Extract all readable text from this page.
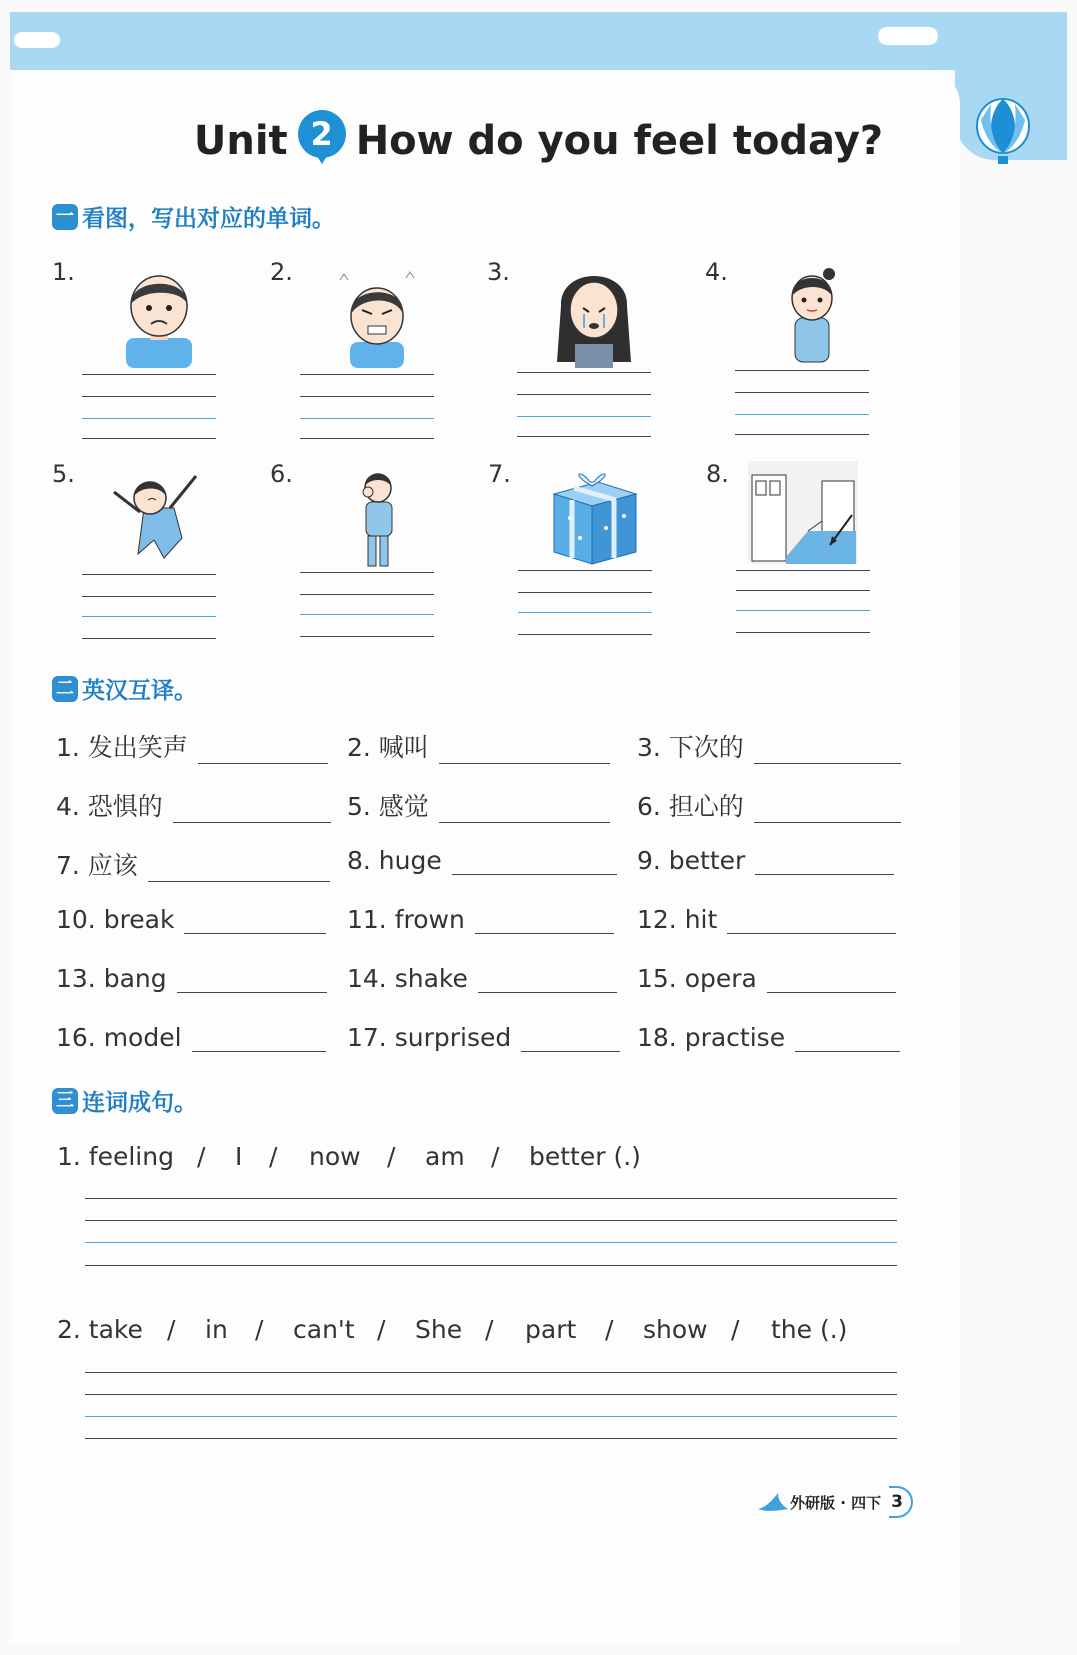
Unit 2 How do you feel today?
一 看图，写出对应的单词。
1.	2.	3.	4.
5.	6.	7.	8.
二 英汉互译。
1. 发出笑声	2. 喊叫	3. 下次的
4. 恐惧的	5. 感觉	6. 担心的
7. 应该	8. huge	9. better
10. break	11. frown	12. hit
13. bang	14. shake	15. opera
16. model	17. surprised	18. practise
三 连词成句。
1. feeling / I / now / am / better (.)
2. take / in / can't / She / part / show / the (.)
外研版 · 四下 3
